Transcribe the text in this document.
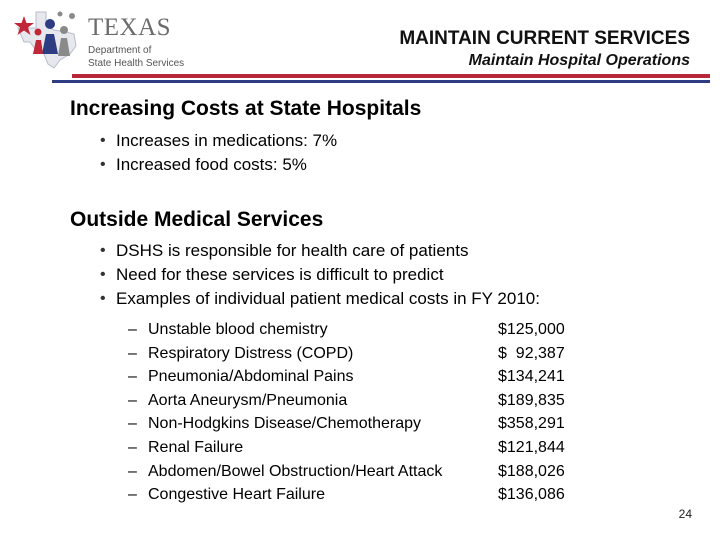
TEXAS
Department of
State Health Services
MAINTAIN CURRENT SERVICES
Maintain Hospital Operations
Increasing Costs at State Hospitals
• Increases in medications: 7%
• Increased food costs: 5%
Outside Medical Services
• DSHS is responsible for health care of patients
• Need for these services is difficult to predict
• Examples of individual patient medical costs in FY 2010:
– Unstable blood chemistry	$125,000
– Respiratory Distress (COPD)	$  92,387
– Pneumonia/Abdominal Pains	$134,241
– Aorta Aneurysm/Pneumonia	$189,835
– Non-Hodgkins Disease/Chemotherapy	$358,291
– Renal Failure	$121,844
– Abdomen/Bowel Obstruction/Heart Attack	$188,026
– Congestive Heart Failure	$136,086
24
